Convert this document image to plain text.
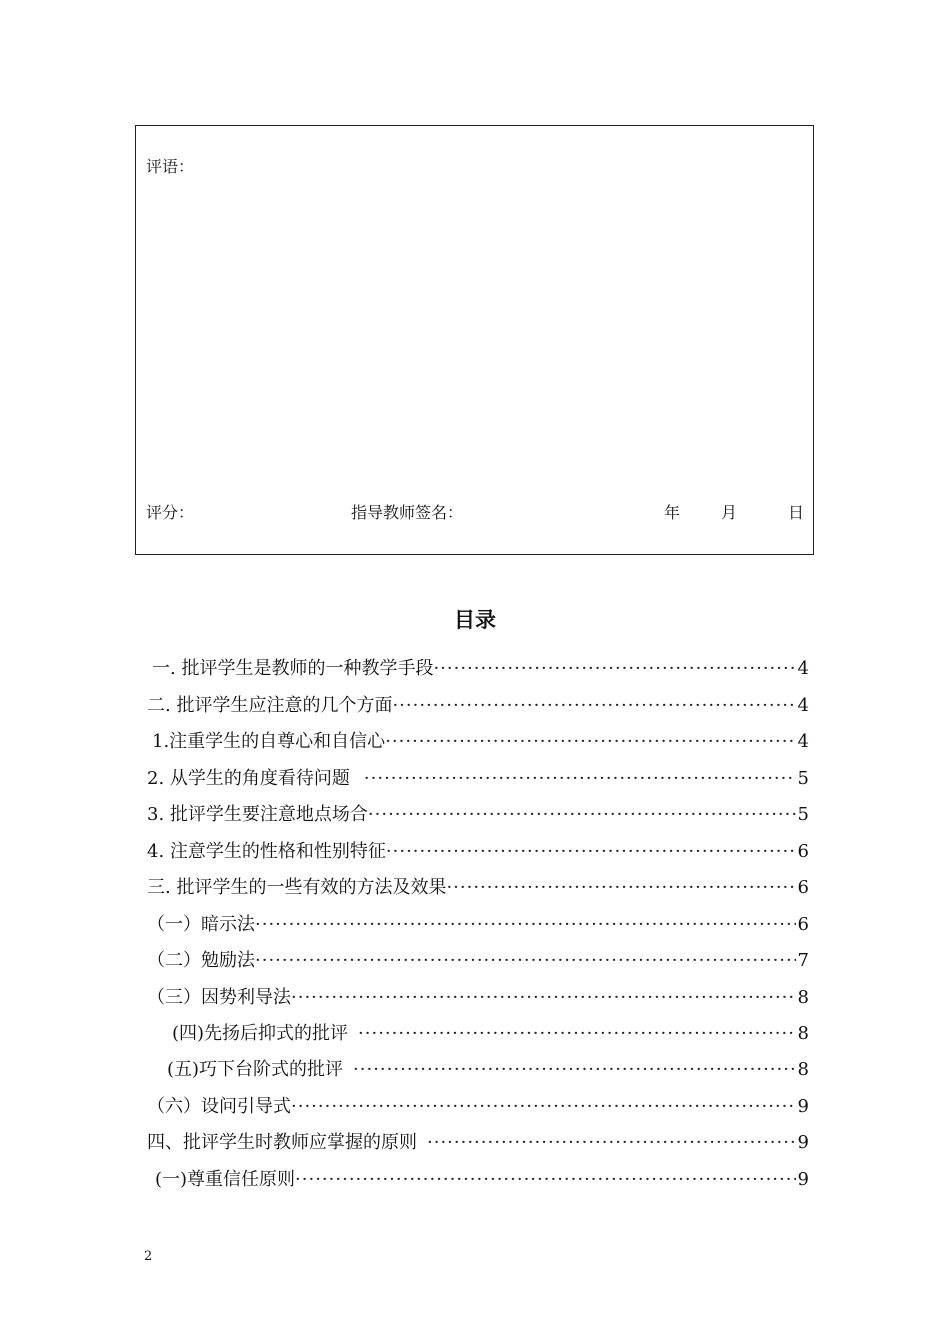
评语：
评分：	指导教师签名：	年	月	日
目录
一. 批评学生是教师的一种教学手段 ·····	4
二. 批评学生应注意的几个方面 ·····	4
1.注重学生的自尊心和自信心 ·····	4
2. 从学生的角度看待问题 ·····	5
3. 批评学生要注意地点场合 ·····	5
4. 注意学生的性格和性别特征 ·····	6
三. 批评学生的一些有效的方法及效果 ·····	6
（一）暗示法 ·····	6
（二）勉励法 ·····	7
（三）因势利导法 ·····	8
(四)先扬后抑式的批评 ·····	8
(五)巧下台阶式的批评 ·····	8
（六）设问引导式 ·····	9
四、批评学生时教师应掌握的原则 ·····	9
(一)尊重信任原则 ·····	9
2
